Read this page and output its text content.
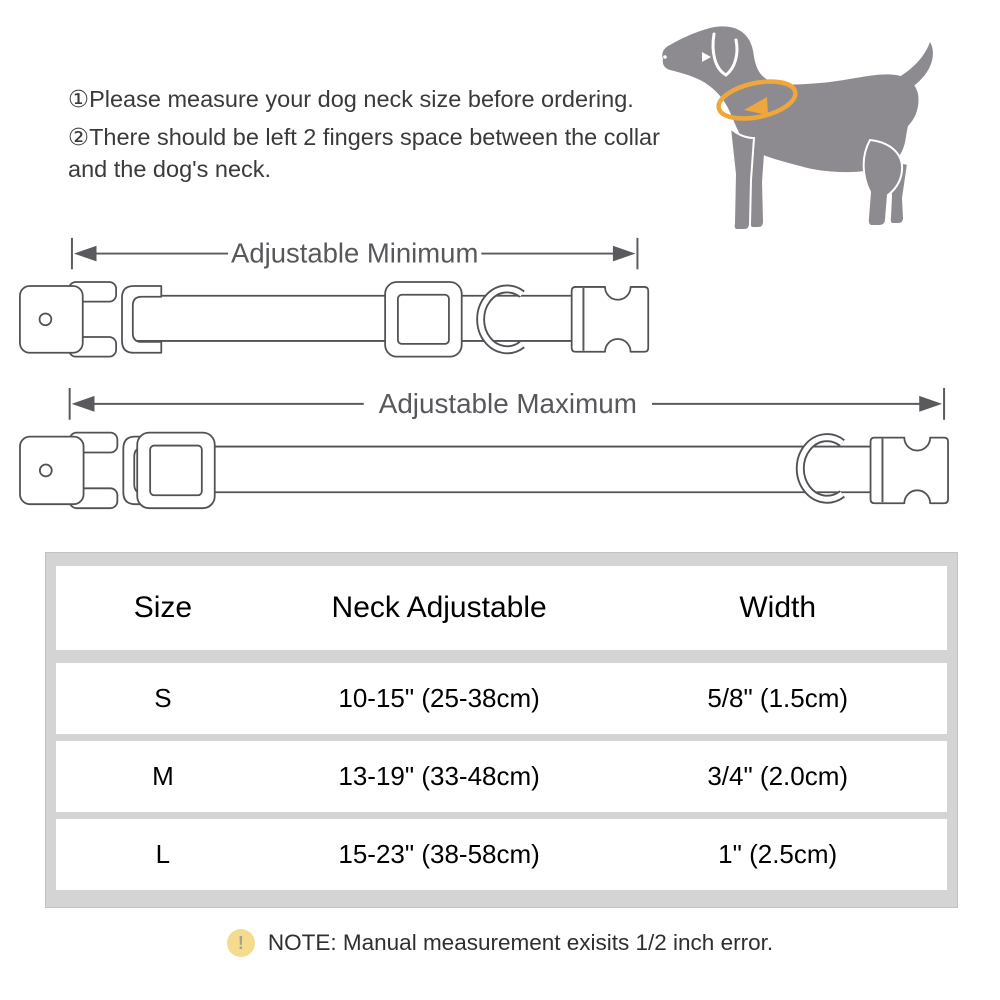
①Please measure your dog neck size before ordering.

②There should be left 2 fingers space between the collar and the dog's neck.

Adjustable Minimum
Adjustable Maximum
Size	Neck Adjustable	Width
S	10-15" (25-38cm)	5/8" (1.5cm)
M	13-19" (33-48cm)	3/4" (2.0cm)
L	15-23" (38-58cm)	1" (2.5cm)
!	NOTE: Manual measurement exisits 1/2 inch error.
